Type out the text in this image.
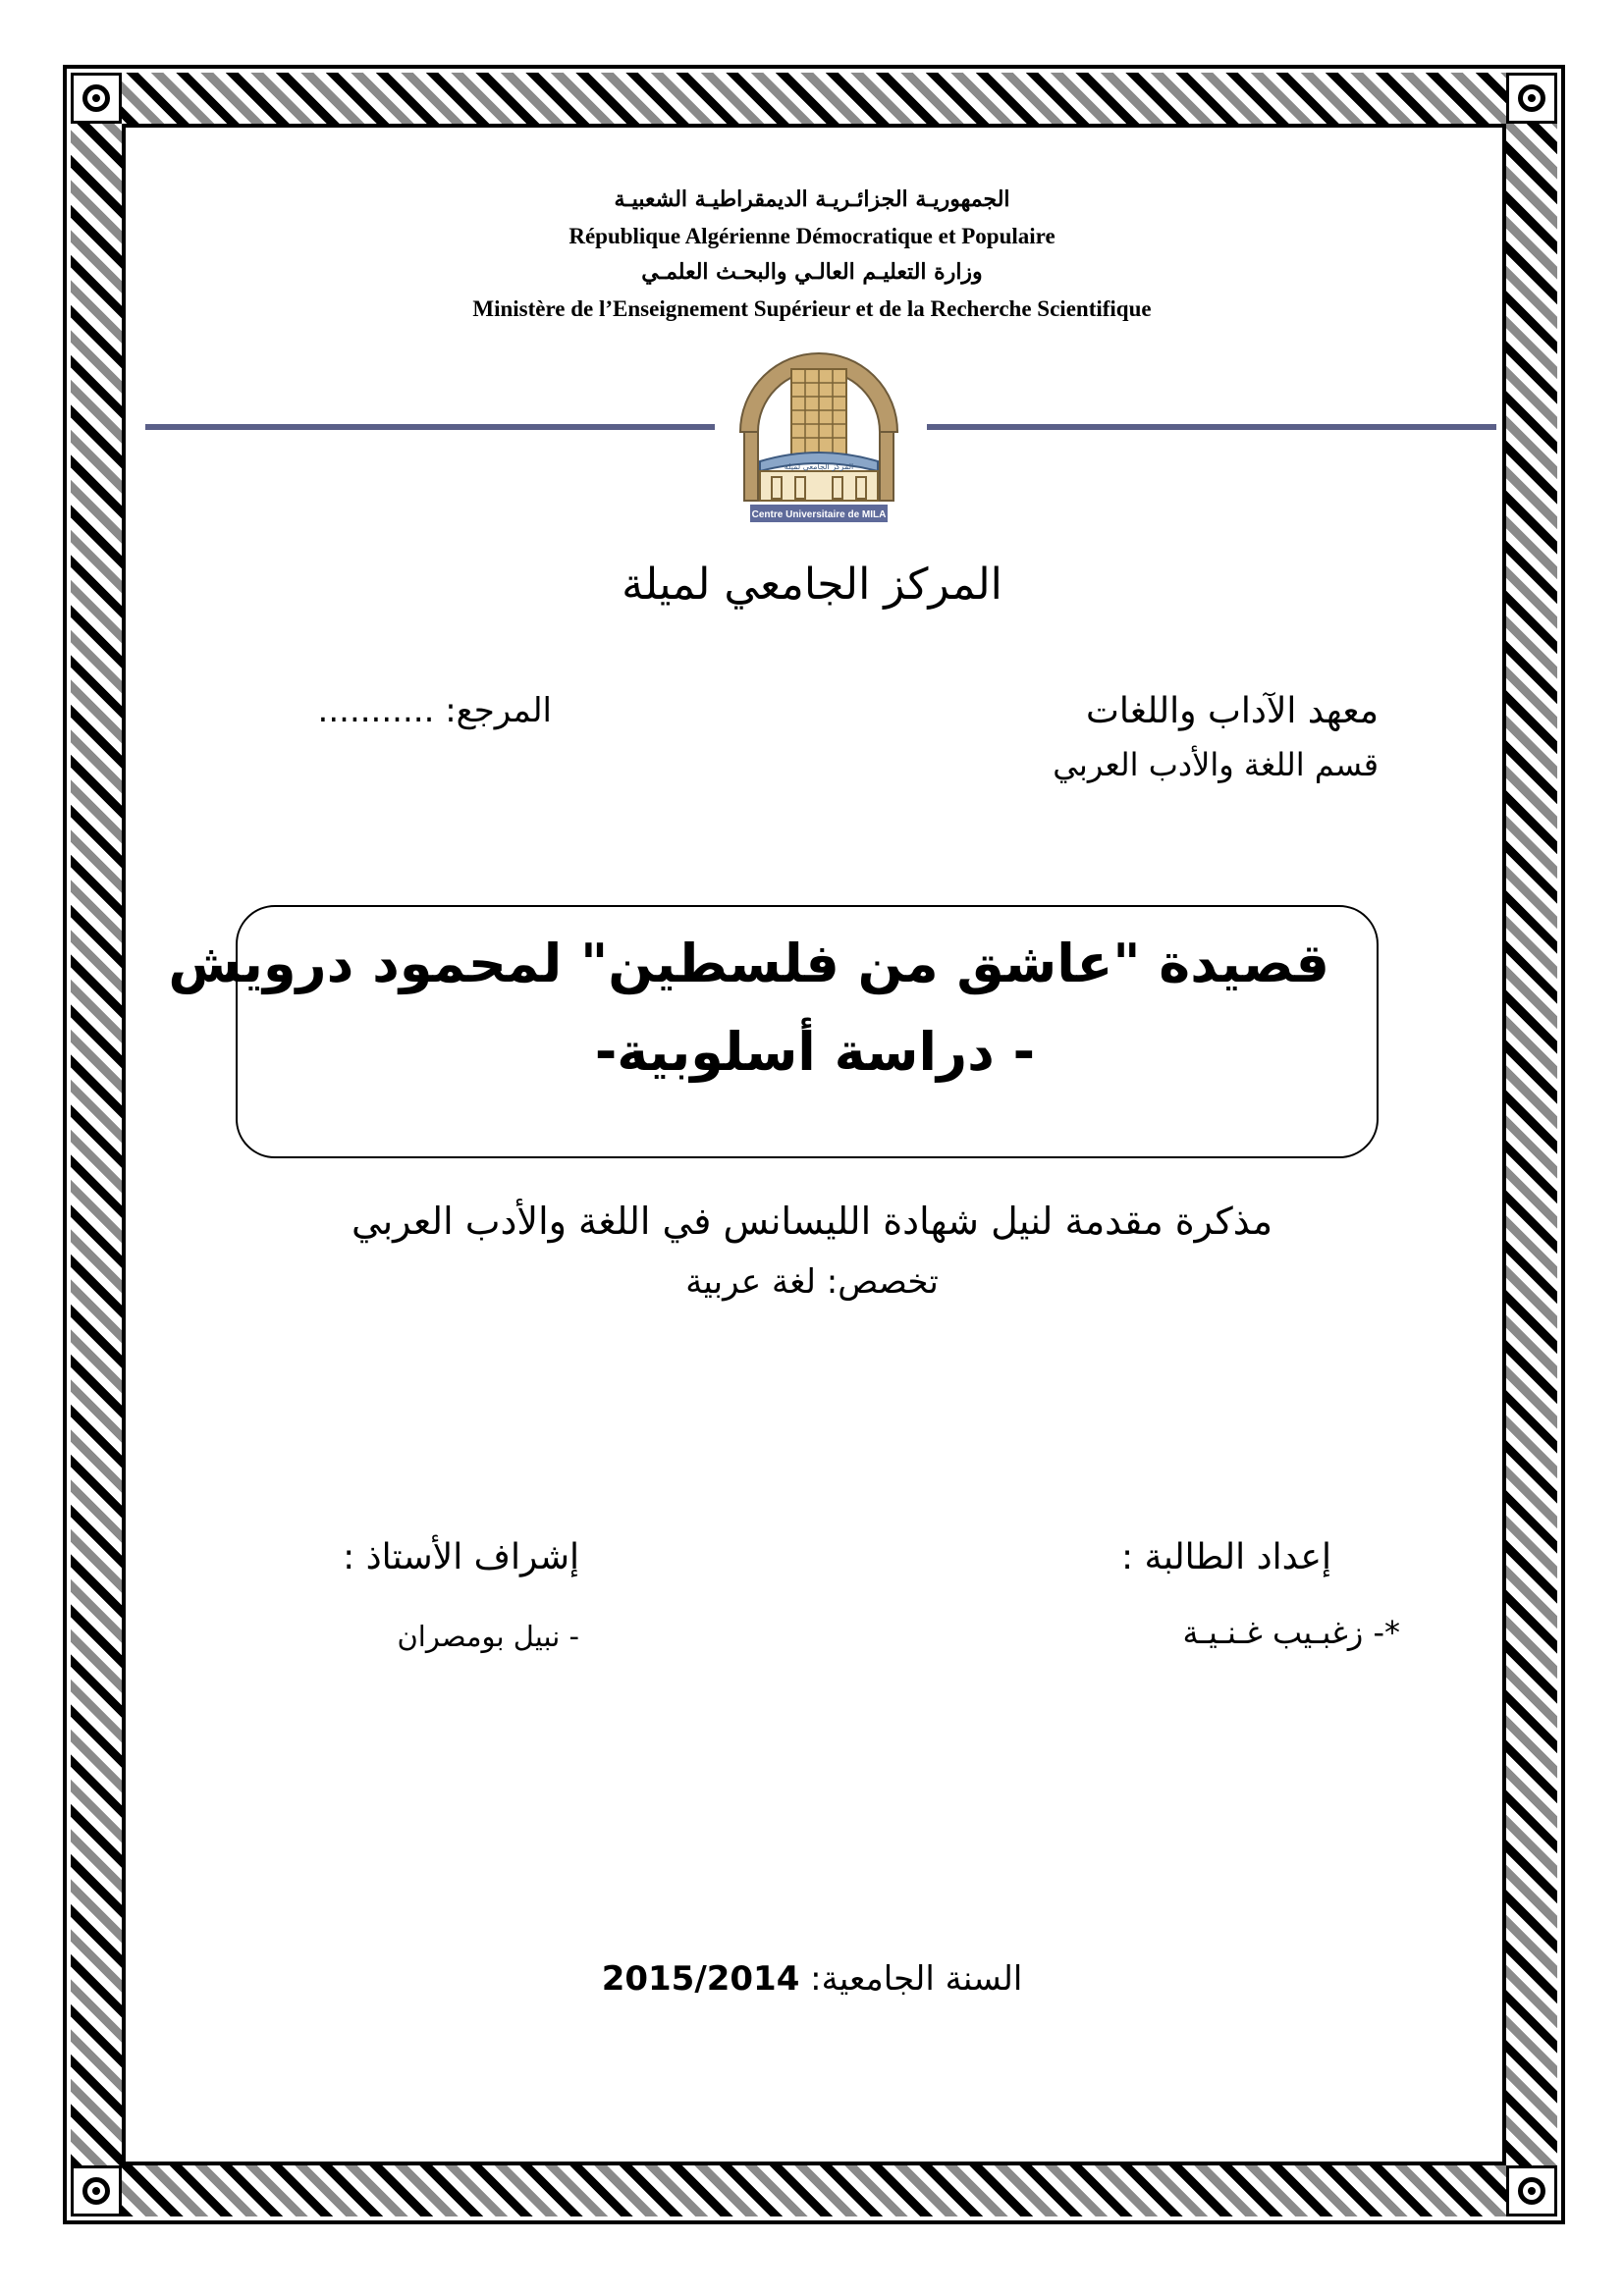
الجمهوريـة الجزائـريـة الديمقراطيـة الشعبيـة
République Algérienne Démocratique et Populaire
وزارة التعليـم العالـي والبحـث العلمـي
Ministère de l’Enseignement Supérieur et de la Recherche Scientifique
Centre Universitaire de MILA
المركز الجامعي لميلة
المركز الجامعي لميلة
معهد الآداب واللغات
قسم اللغة والأدب العربي
المرجع: ...........
قصيدة "عاشق من فلسطين" لمحمود درويش
- دراسة أسلوبية-
مذكرة مقدمة لنيل شهادة الليسانس في اللغة والأدب العربي
تخصص: لغة عربية
إعداد الطالبة :
إشراف الأستاذ :
*- زغبـيب غـنـيـة
- نبيل بومصران
السنة الجامعية: 2015/2014
